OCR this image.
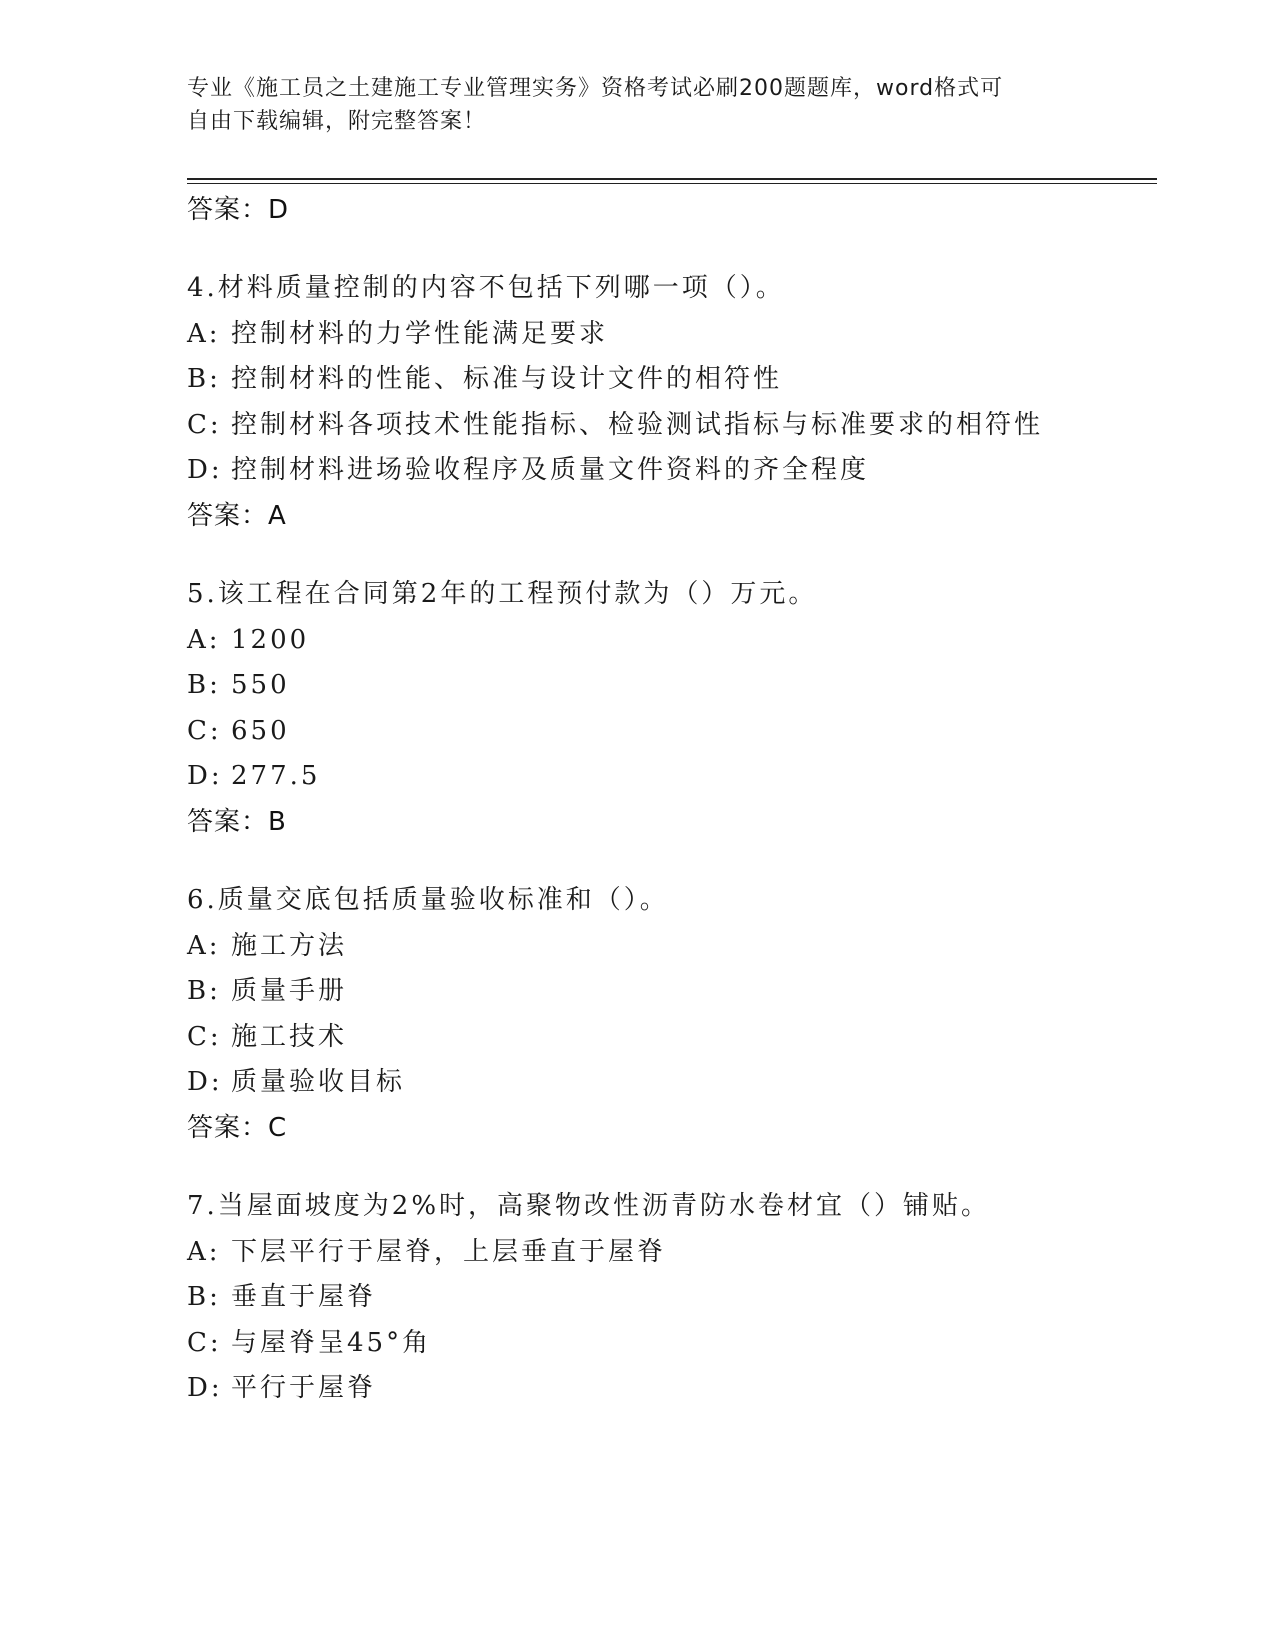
专业《施工员之土建施工专业管理实务》资格考试必刷200题题库，word格式可
自由下载编辑，附完整答案！
答案：D
4.材料质量控制的内容不包括下列哪一项（）。
A: 控制材料的力学性能满足要求
B: 控制材料的性能、标准与设计文件的相符性
C: 控制材料各项技术性能指标、检验测试指标与标准要求的相符性
D: 控制材料进场验收程序及质量文件资料的齐全程度
答案：A
5.该工程在合同第2年的工程预付款为（）万元。
A: 1200
B: 550
C: 650
D: 277.5
答案：B
6.质量交底包括质量验收标准和（）。
A: 施工方法
B: 质量手册
C: 施工技术
D: 质量验收目标
答案：C
7.当屋面坡度为2%时，高聚物改性沥青防水卷材宜（）铺贴。
A: 下层平行于屋脊，上层垂直于屋脊
B: 垂直于屋脊
C: 与屋脊呈45°角
D: 平行于屋脊
